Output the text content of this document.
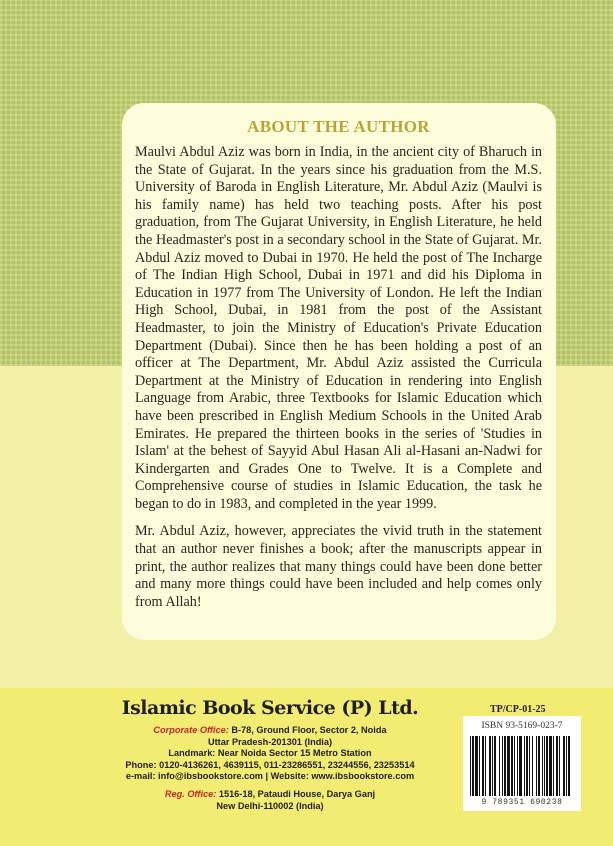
ABOUT THE AUTHOR

Maulvi Abdul Aziz was born in India, in the ancient city of Bharuch in the State of Gujarat. In the years since his graduation from the M.S. University of Baroda in English Literature, Mr. Abdul Aziz (Maulvi is his family name) has held two teaching posts. After his post graduation, from The Gujarat University, in English Literature, he held the Headmaster's post in a secondary school in the State of Gujarat. Mr. Abdul Aziz moved to Dubai in 1970. He held the post of The Incharge of The Indian High School, Dubai in 1971 and did his Diploma in Education in 1977 from The University of London. He left the Indian High School, Dubai, in 1981 from the post of the Assistant Headmaster, to join the Ministry of Education's Private Education Department (Dubai). Since then he has been holding a post of an officer at The Department, Mr. Abdul Aziz assisted the Curricula Department at the Ministry of Education in rendering into English Language from Arabic, three Textbooks for Islamic Education which have been prescribed in English Medium Schools in the United Arab Emirates. He prepared the thirteen books in the series of 'Studies in Islam' at the behest of Sayyid Abul Hasan Ali al-Hasani an-Nadwi for Kindergarten and Grades One to Twelve. It is a Complete and Comprehensive course of studies in Islamic Education, the task he began to do in 1983, and completed in the year 1999.

Mr. Abdul Aziz, however, appreciates the vivid truth in the statement that an author never finishes a book; after the manuscripts appear in print, the author realizes that many things could have been done better and many more things could have been included and help comes only from Allah!

Islamic Book Service (P) Ltd.
Corporate Office: B-78, Ground Floor, Sector 2, Noida
Uttar Pradesh-201301 (India)
Landmark: Near Noida Sector 15 Metro Station
Phone: 0120-4136261, 4639115, 011-23286551, 23244556, 23253514
e-mail: info@ibsbookstore.com | Website: www.ibsbookstore.com
Reg. Office: 1516-18, Pataudi House, Darya Ganj
New Delhi-110002 (India)
TP/CP-01-25
ISBN 93-5169-023-7
9 789351 690238
